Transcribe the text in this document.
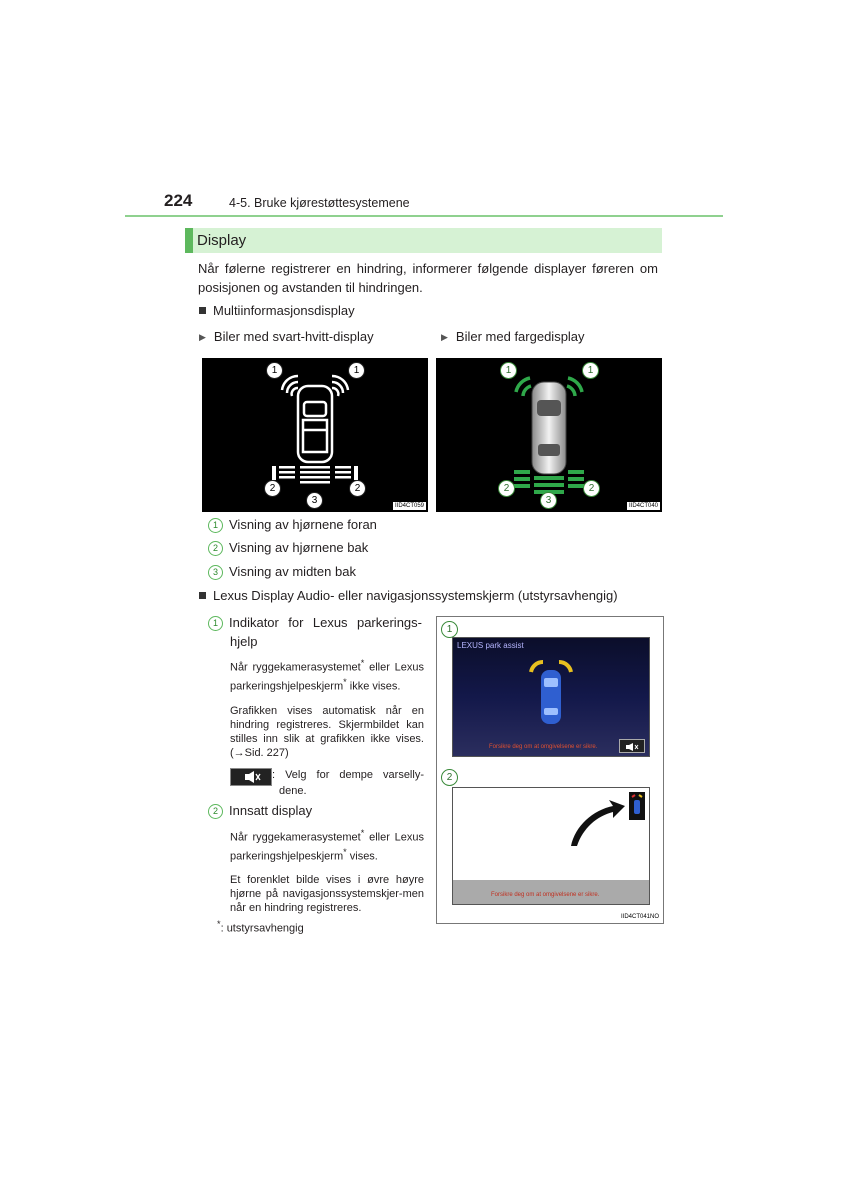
224	4-5. Bruke kjørestøttesystemene
Display
Når følerne registrerer en hindring, informerer følgende displayer føreren om posisjonen og avstanden til hindringen.
Multiinformasjonsdisplay
▶ Biler med svart-hvitt-display	▶ Biler med fargedisplay
1	1
2	2
3	IID4CT059
1	1
2	2
3	IID4CT040
1 Visning av hjørnene foran
2 Visning av hjørnene bak
3 Visning av midten bak
Lexus Display Audio- eller navigasjonssystemskjerm (utstyrsavhengig)
1 Indikator for Lexus parkerings-
hjelp
Når ryggekamerasystemet* eller Lexus parkeringshjelpeskjerm* ikke vises.
Grafikken vises automatisk når en hindring registreres. Skjermbildet kan stilles inn slik at grafikken ikke vises. (→Sid. 227)
: Velg for dempe varselly-
dene.
2 Innsatt display
Når ryggekamerasystemet* eller Lexus parkeringshjelpeskjerm* vises.
Et forenklet bilde vises i øvre høyre hjørne på navigasjonssystemskjer-men når en hindring registreres.
*: utstyrsavhengig
1
LEXUS park assist
Forsikre deg om at omgivelsene er sikre.
2
Forsikre deg om at omgivelsene er sikre.
IID4CT041NO
